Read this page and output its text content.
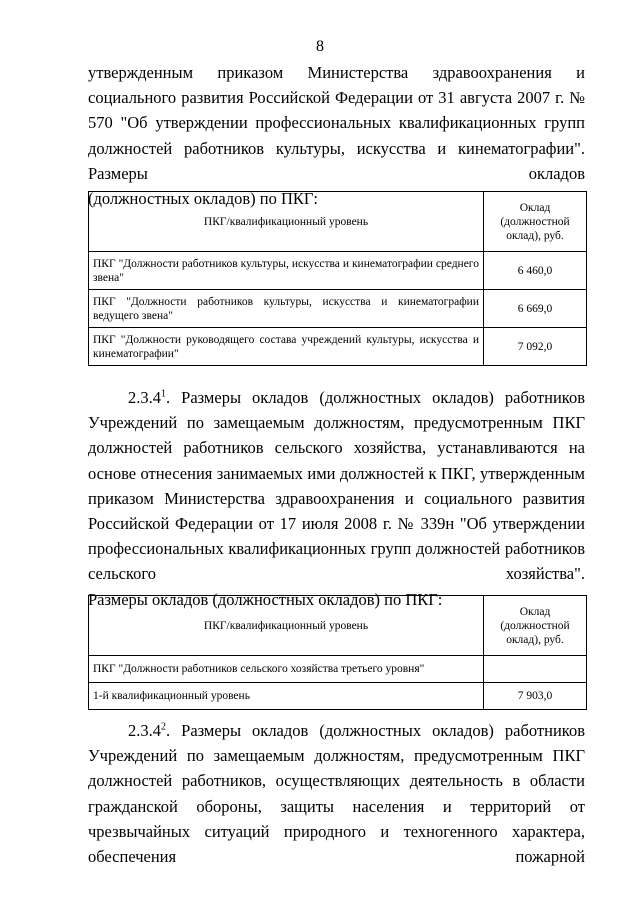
8
утвержденным приказом Министерства здравоохранения и социального развития Российской Федерации от 31 августа 2007 г. № 570 "Об утверждении профессиональных квалификационных групп должностей работников культуры, искусства и кинематографии". Размеры окладов
(должностных окладов) по ПКГ:
ПКГ/квалификационный уровень	Оклад (должностной оклад), руб.
ПКГ "Должности работников культуры, искусства и кинематографии среднего звена"	6 460,0
ПКГ "Должности работников культуры, искусства и кинематографии ведущего звена"	6 669,0
ПКГ "Должности руководящего состава учреждений культуры, искусства и кинематографии"	7 092,0
2.3.4$^1$. Размеры окладов (должностных окладов) работников Учреждений по замещаемым должностям, предусмотренным ПКГ должностей работников сельского хозяйства, устанавливаются на основе отнесения занимаемых ими должностей к ПКГ, утвержденным приказом Министерства здравоохранения и социального развития Российской Федерации от 17 июля 2008 г. № 339н "Об утверждении профессиональных квалификационных групп должностей работников сельского хозяйства".
Размеры окладов (должностных окладов) по ПКГ:
ПКГ/квалификационный уровень	Оклад (должностной оклад), руб.
ПКГ "Должности работников сельского хозяйства третьего уровня"	
1-й квалификационный уровень	7 903,0
2.3.4$^2$. Размеры окладов (должностных окладов) работников Учреждений по замещаемым должностям, предусмотренным ПКГ должностей работников, осуществляющих деятельность в области гражданской обороны, защиты населения и территорий от чрезвычайных ситуаций природного и техногенного характера, обеспечения пожарной
